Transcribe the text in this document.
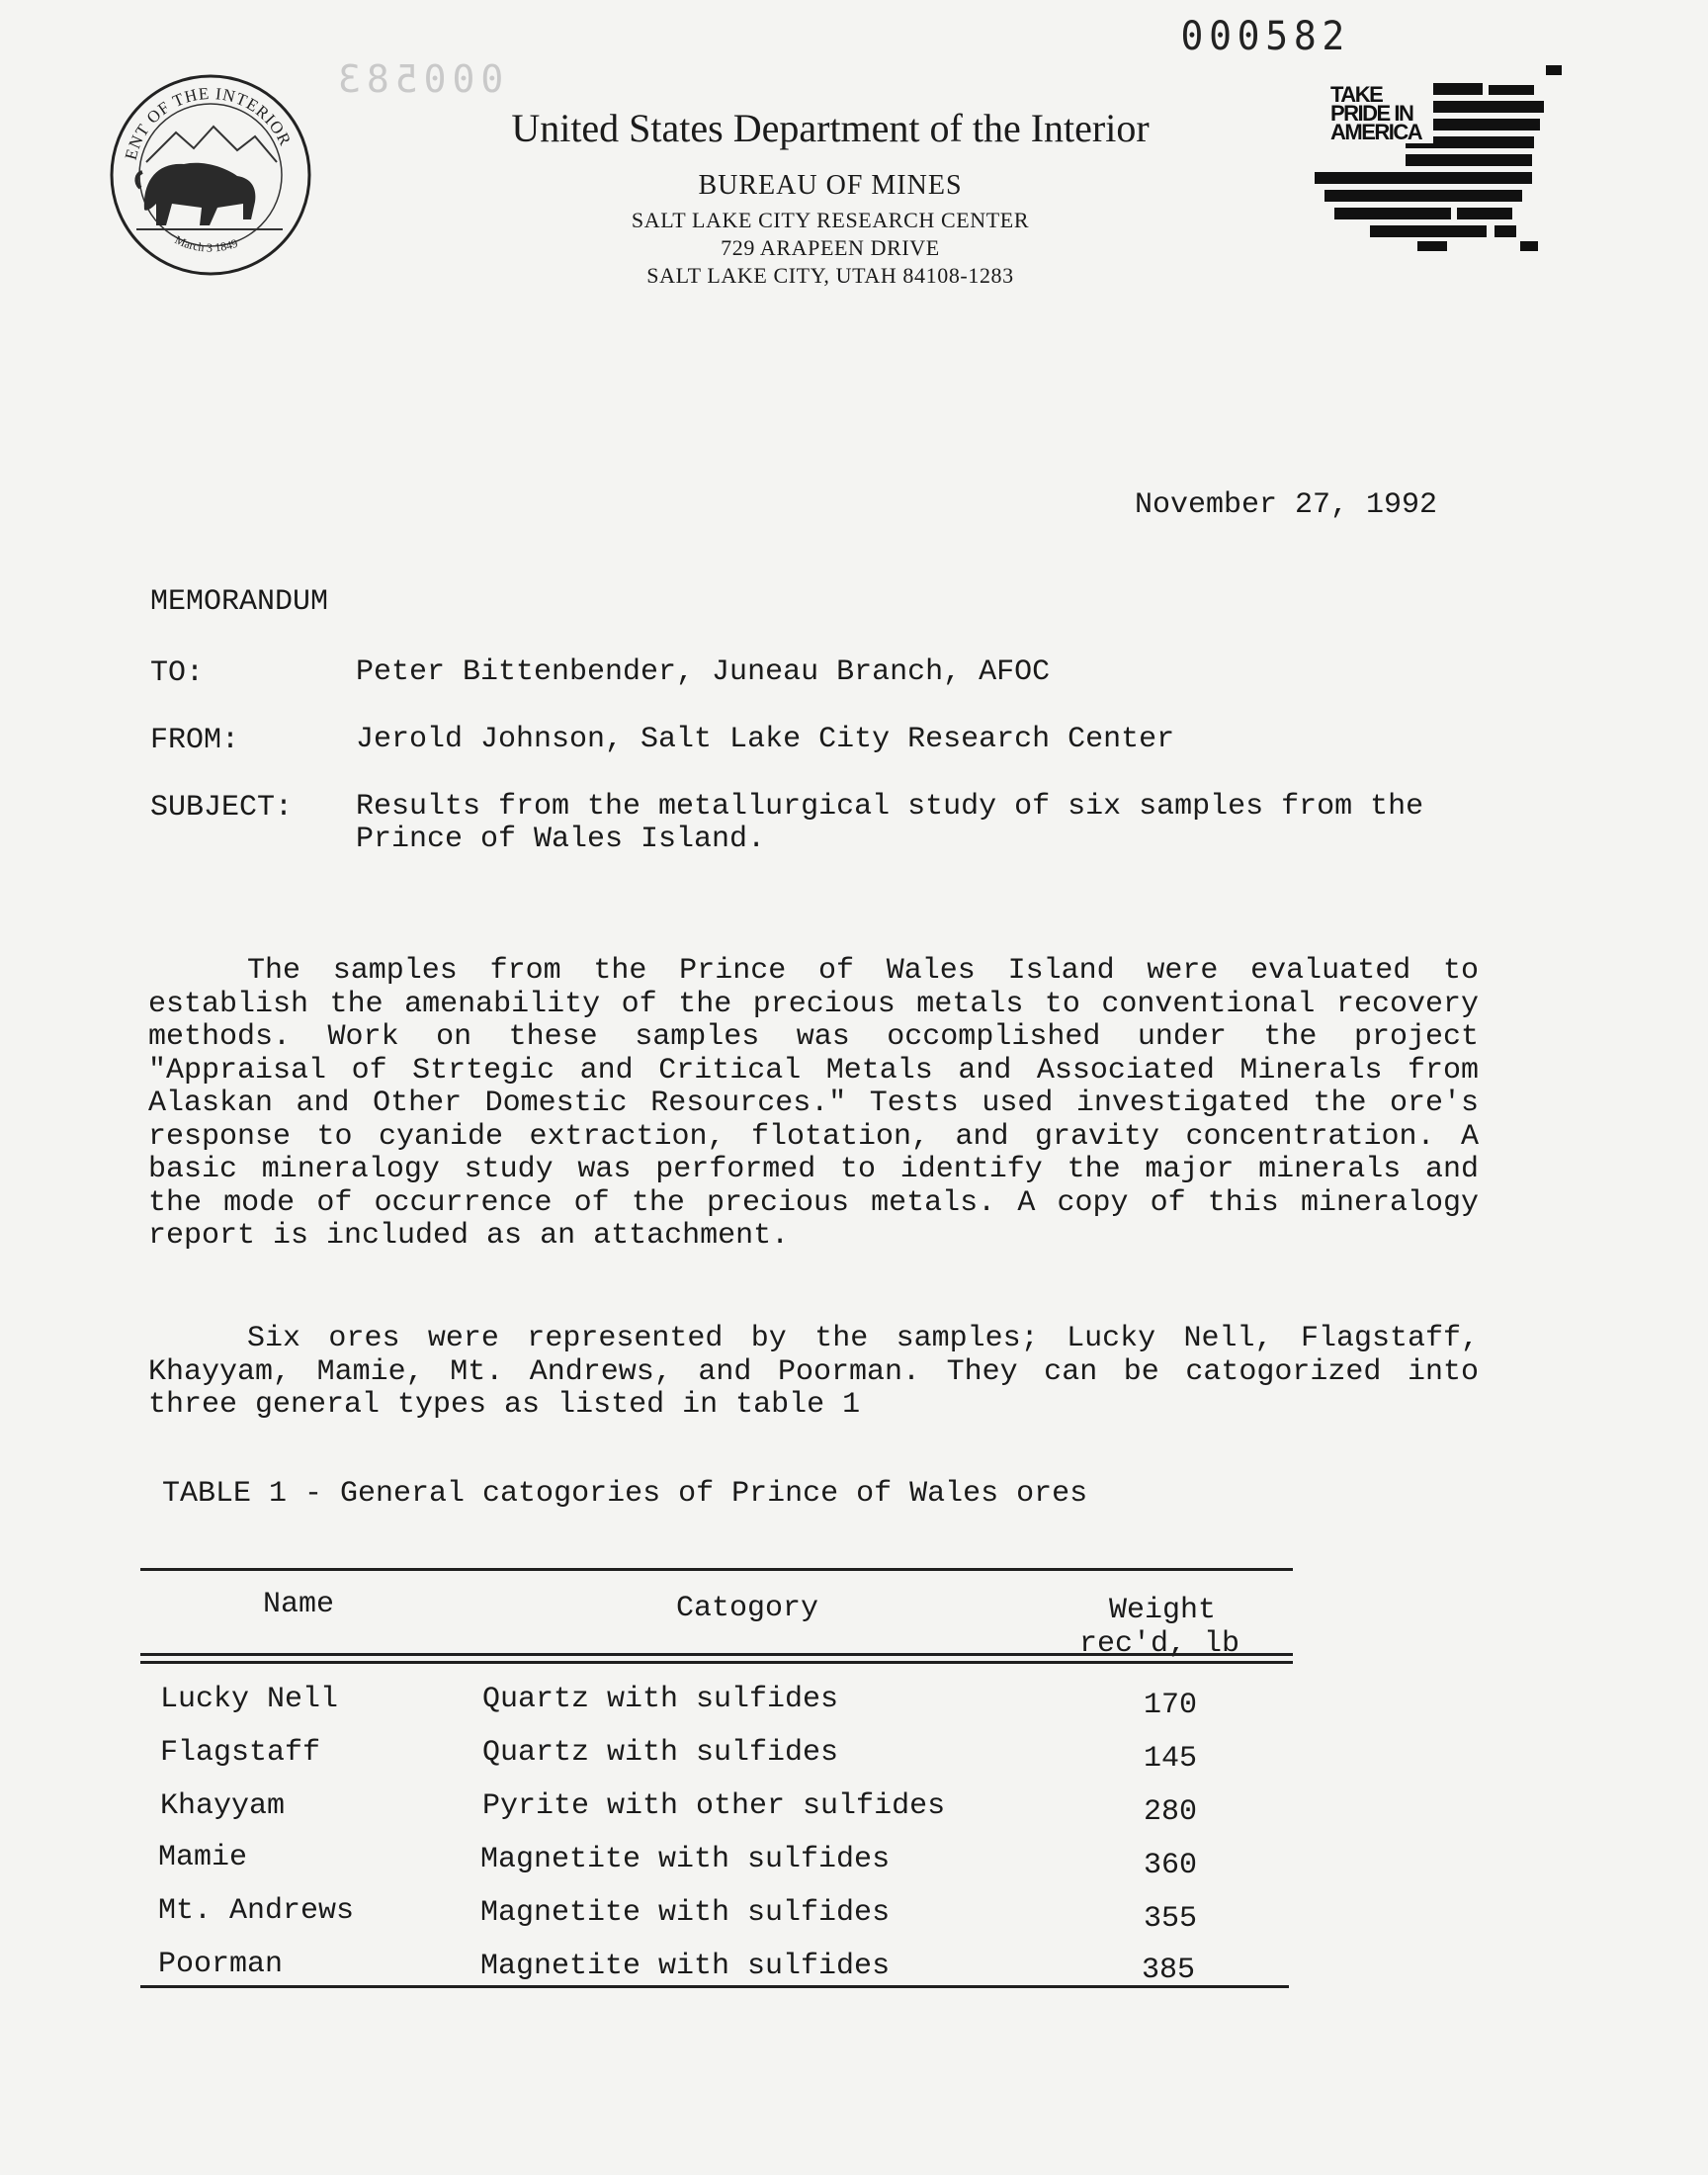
000582
000583
ENT OF THE INTERIOR
March 3 1849
United States Department of the Interior
BUREAU OF MINES
SALT LAKE CITY RESEARCH CENTER
729 ARAPEEN DRIVE
SALT LAKE CITY, UTAH 84108-1283
TAKE
PRIDE IN
AMERICA
November 27, 1992
MEMORANDUM
TO:	Peter Bittenbender, Juneau Branch, AFOC
FROM:	Jerold Johnson, Salt Lake City Research Center
SUBJECT: Results from the metallurgical study of six samples from the Prince of Wales Island.
The samples from the Prince of Wales Island were evaluated to establish the amenability of the precious metals to conventional recovery methods. Work on these samples was occomplished under the project "Appraisal of Strtegic and Critical Metals and Associated Minerals from Alaskan and Other Domestic Resources." Tests used investigated the ore's response to cyanide extraction, flotation, and gravity concentration. A basic mineralogy study was performed to identify the major minerals and the mode of occurrence of the precious metals. A copy of this mineralogy report is included as an attachment.
Six ores were represented by the samples; Lucky Nell, Flagstaff, Khayyam, Mamie, Mt. Andrews, and Poorman. They can be catogorized into three general types as listed in table 1
TABLE 1 - General catogories of Prince of Wales ores
Name	Catogory	Weight
rec'd, lb
Lucky Nell	Quartz with sulfides	170
Flagstaff	Quartz with sulfides	145
Khayyam	Pyrite with other sulfides	280
Mamie	Magnetite with sulfides	360
Mt. Andrews	Magnetite with sulfides	355
Poorman	Magnetite with sulfides	385
